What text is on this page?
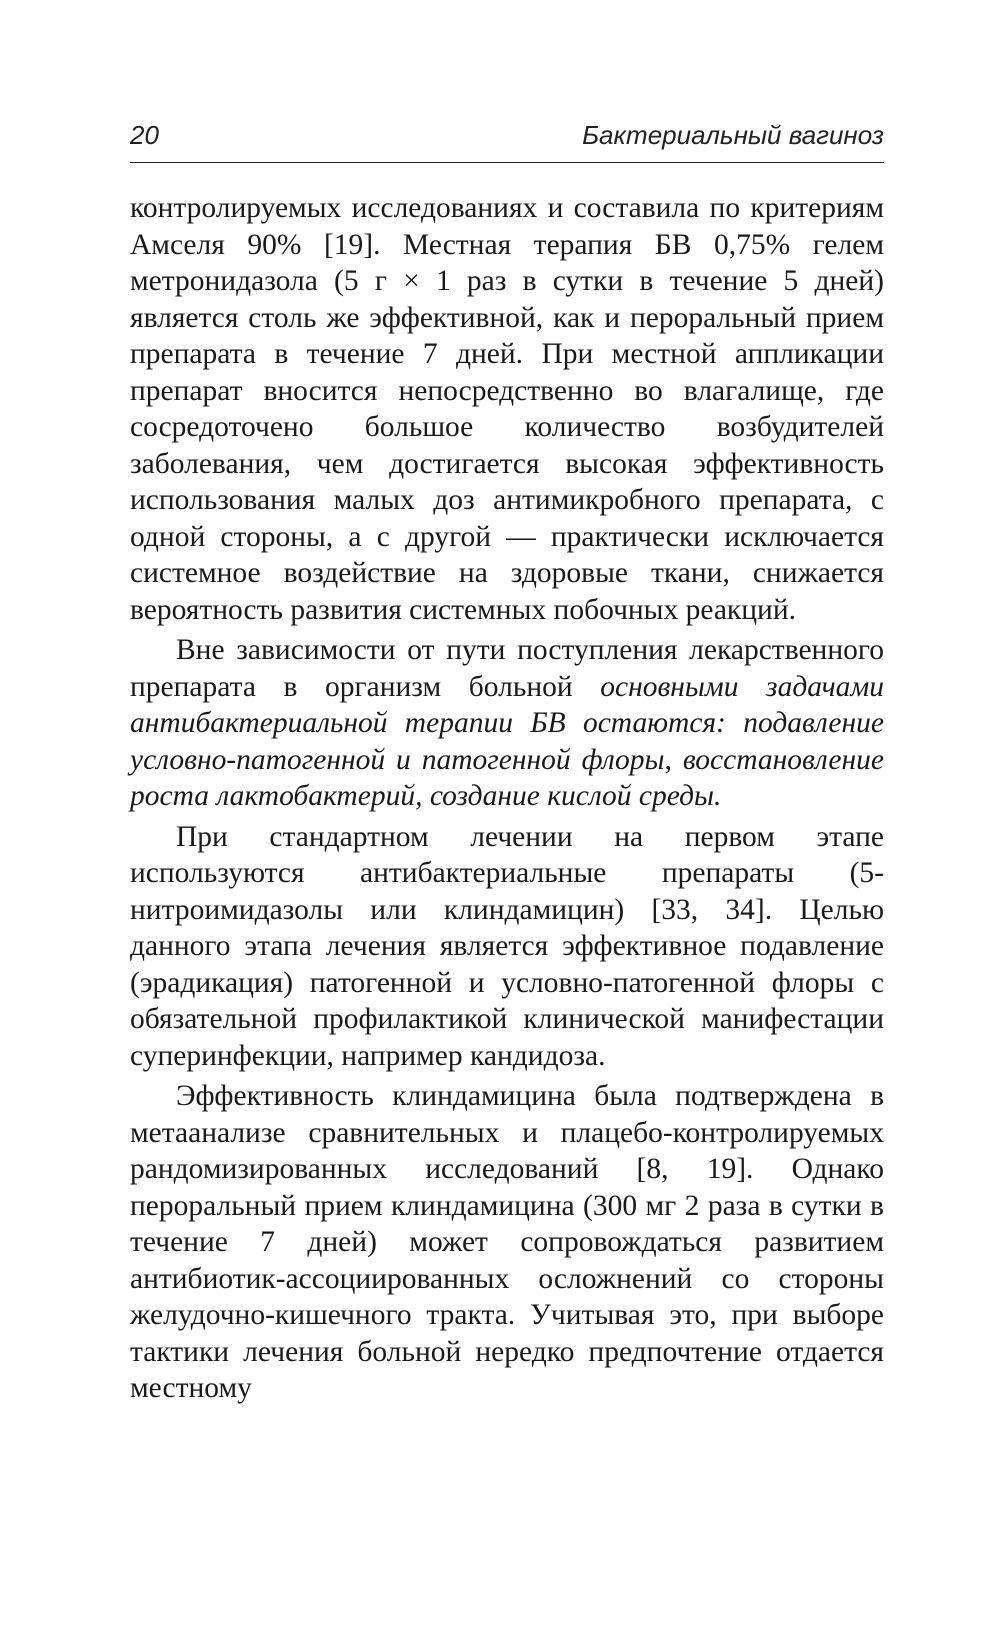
20	Бактериальный вагиноз

контролируемых исследованиях и составила по критериям Амселя 90% [19]. Местная терапия БВ 0,75% гелем метронидазола (5 г × 1 раз в сутки в течение 5 дней) является столь же эффективной, как и пероральный прием препарата в течение 7 дней. При местной аппликации препарат вносится непосредственно во влагалище, где сосредоточено большое количество возбудителей заболевания, чем достигается высокая эффективность использования малых доз антимикробного препарата, с одной стороны, а с другой — практически исключается системное воздействие на здоровые ткани, снижается вероятность развития системных побочных реакций.

Вне зависимости от пути поступления лекарственного препарата в организм больной основными задачами антибактериальной терапии БВ остаются: подавление условно-патогенной и патогенной флоры, восстановление роста лактобактерий, создание кислой среды.

При стандартном лечении на первом этапе используются антибактериальные препараты (5-нитроимидазолы или клиндамицин) [33, 34]. Целью данного этапа лечения является эффективное подавление (эрадикация) патогенной и условно-патогенной флоры с обязательной профилактикой клинической манифестации суперинфекции, например кандидоза.

Эффективность клиндамицина была подтверждена в метаанализе сравнительных и плацебо-контролируемых рандомизированных исследований [8, 19]. Однако пероральный прием клиндамицина (300 мг 2 раза в сутки в течение 7 дней) может сопровождаться развитием антибиотик-ассоциированных осложнений со стороны желудочно-кишечного тракта. Учитывая это, при выборе тактики лечения больной нередко предпочтение отдается местному
